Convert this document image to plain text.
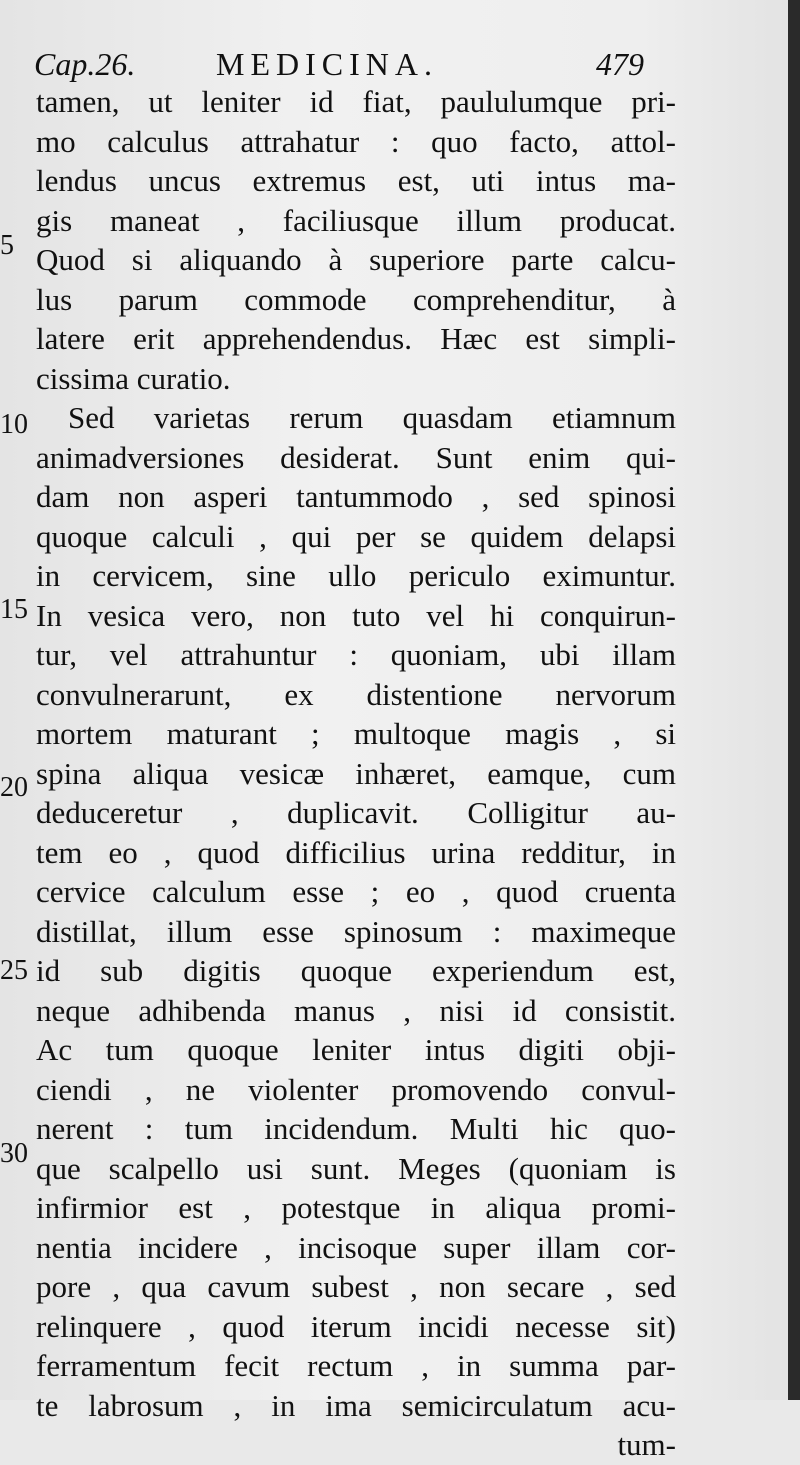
Cap.26.	MEDICINA.	479
5
10
15
20
25
30
tamen, ut leniter id fiat, paululumque pri-
mo calculus attrahatur : quo facto, attol-
lendus uncus extremus est, uti intus ma-
gis maneat , faciliusque illum producat.
Quod si aliquando à superiore parte calcu-
lus parum commode comprehenditur, à
latere erit apprehendendus. Hæc est simpli-
cissima curatio.
Sed varietas rerum quasdam etiamnum
animadversiones desiderat. Sunt enim qui-
dam non asperi tantummodo , sed spinosi
quoque calculi , qui per se quidem delapsi
in cervicem, sine ullo periculo eximuntur.
In vesica vero, non tuto vel hi conquirun-
tur, vel attrahuntur : quoniam, ubi illam
convulnerarunt, ex distentione nervorum
mortem maturant ; multoque magis , si
spina aliqua vesicæ inhæret, eamque, cum
deduceretur , duplicavit. Colligitur au-
tem eo , quod difficilius urina redditur, in
cervice calculum esse ; eo , quod cruenta
distillat, illum esse spinosum : maximeque
id sub digitis quoque experiendum est,
neque adhibenda manus , nisi id consistit.
Ac tum quoque leniter intus digiti obji-
ciendi , ne violenter promovendo convul-
nerent : tum incidendum. Multi hic quo-
que scalpello usi sunt. Meges (quoniam is
infirmior est , potestque in aliqua promi-
nentia incidere , incisoque super illam cor-
pore , qua cavum subest , non secare , sed
relinquere , quod iterum incidi necesse sit)
ferramentum fecit rectum , in summa par-
te labrosum , in ima semicirculatum acu-
tum-
